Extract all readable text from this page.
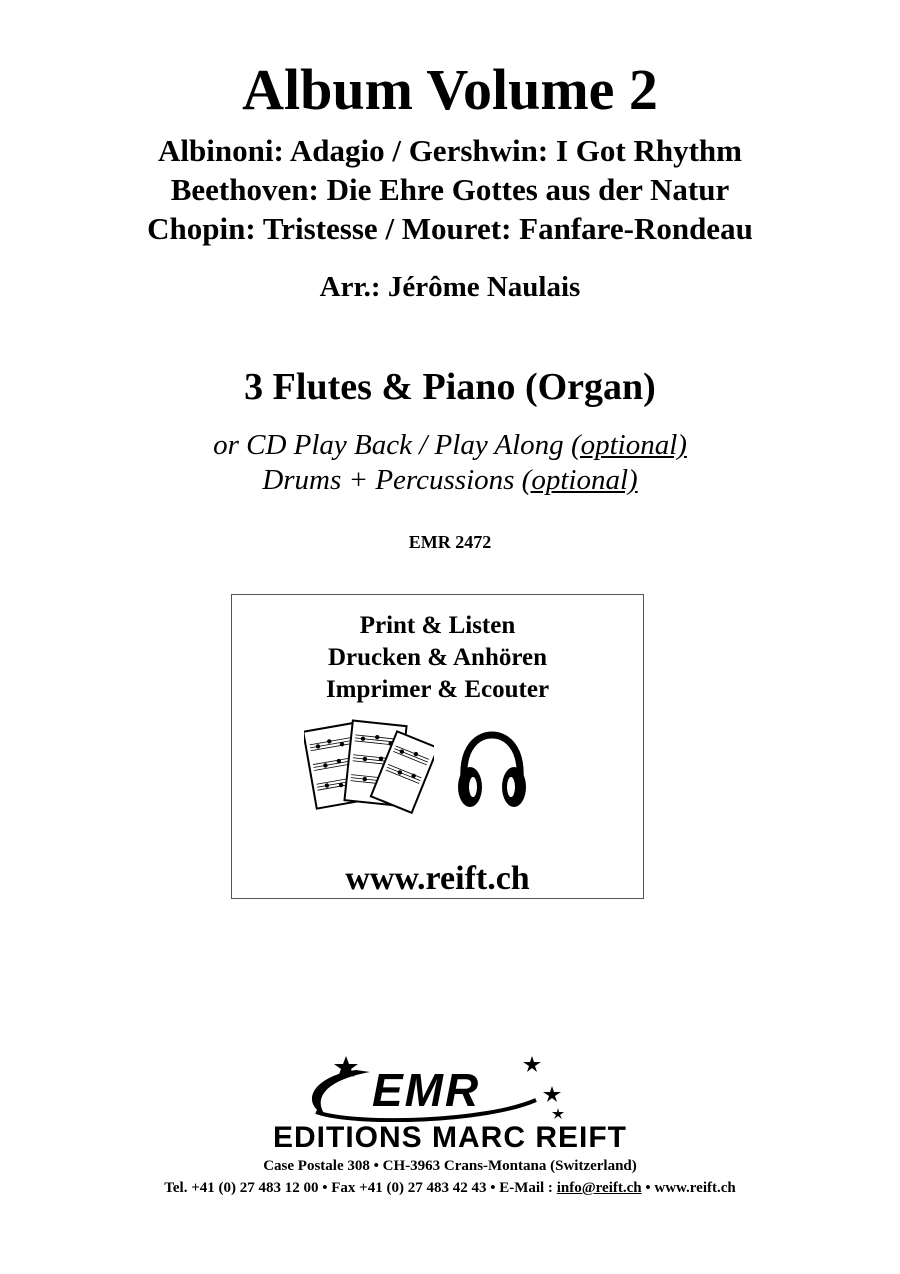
Album Volume 2
Albinoni: Adagio / Gershwin: I Got Rhythm
Beethoven: Die Ehre Gottes aus der Natur
Chopin: Tristesse / Mouret: Fanfare-Rondeau
Arr.: Jérôme Naulais
3 Flutes & Piano (Organ)
or CD Play Back / Play Along (optional)
Drums + Percussions (optional)
EMR 2472
Print & Listen
Drucken & Anhören
Imprimer & Ecouter
www.reift.ch
EMR
EDITIONS MARC REIFT
Case Postale 308 • CH-3963 Crans-Montana (Switzerland)
Tel. +41 (0) 27 483 12 00 • Fax +41 (0) 27 483 42 43 • E-Mail : info@reift.ch • www.reift.ch
